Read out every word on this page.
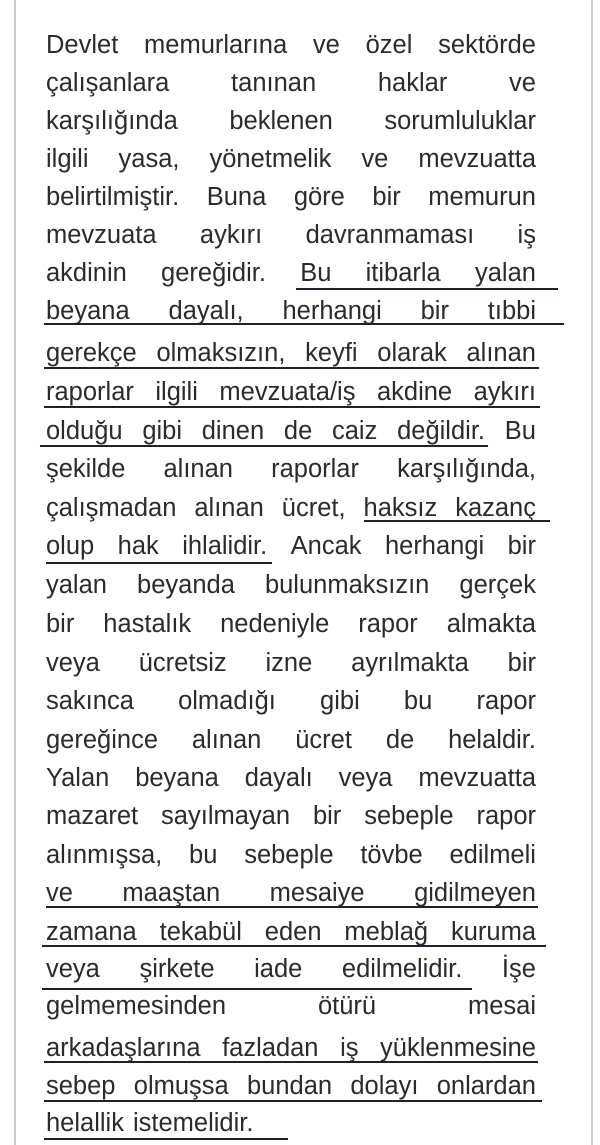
Devlet memurlarına ve özel sektörde
çalışanlara tanınan haklar ve
karşılığında beklenen sorumluluklar
ilgili yasa, yönetmelik ve mevzuatta
belirtilmiştir. Buna göre bir memurun
mevzuata aykırı davranmaması iş
akdinin gereğidir. Bu itibarla yalan
beyana dayalı, herhangi bir tıbbi
gerekçe olmaksızın, keyfi olarak alınan
raporlar ilgili mevzuata/iş akdine aykırı
olduğu gibi dinen de caiz değildir. Bu
şekilde alınan raporlar karşılığında,
çalışmadan alınan ücret, haksız kazanç
olup hak ihlalidir. Ancak herhangi bir
yalan beyanda bulunmaksızın gerçek
bir hastalık nedeniyle rapor almakta
veya ücretsiz izne ayrılmakta bir
sakınca olmadığı gibi bu rapor
gereğince alınan ücret de helaldir.
Yalan beyana dayalı veya mevzuatta
mazaret sayılmayan bir sebeple rapor
alınmışsa, bu sebeple tövbe edilmeli
ve maaştan mesaiye gidilmeyen
zamana tekabül eden meblağ kuruma
veya şirkete iade edilmelidir. İşe
gelmemesinden	ötürü	mesai
arkadaşlarına fazladan iş yüklenmesine
sebep olmuşsa bundan dolayı onlardan
helallik istemelidir.
